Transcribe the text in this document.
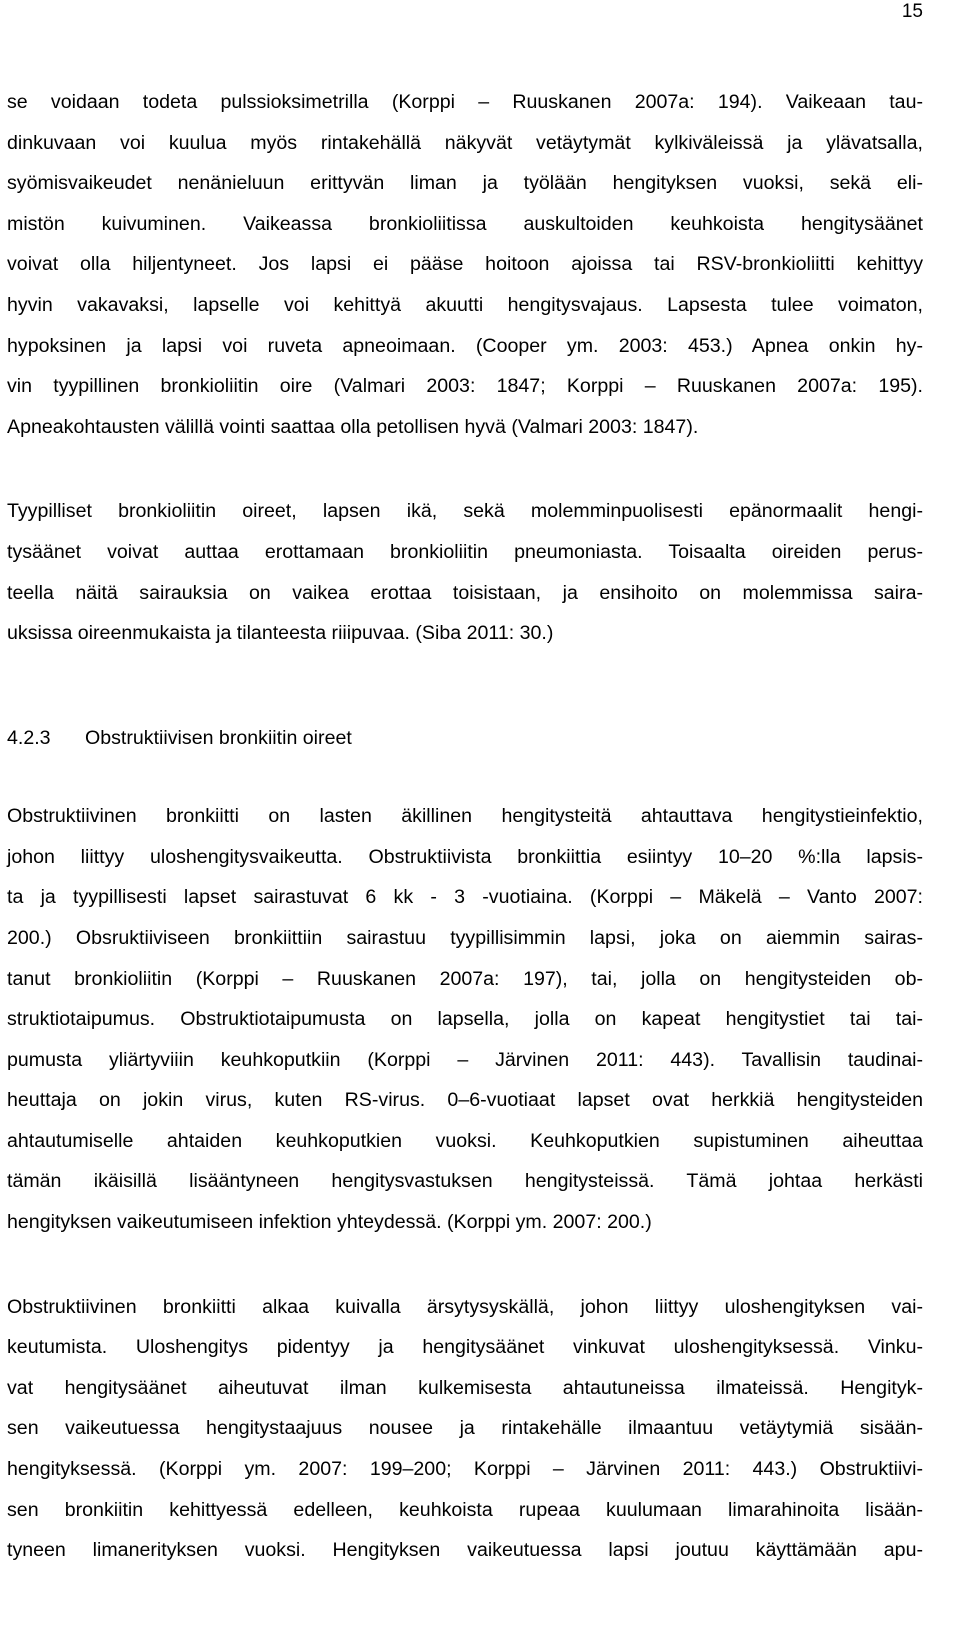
15
se voidaan todeta pulssioksimetrilla (Korppi – Ruuskanen 2007a: 194). Vaikeaan tau-
dinkuvaan voi kuulua myös rintakehällä näkyvät vetäytymät kylkiväleissä ja ylävatsalla,
syömisvaikeudet nenänieluun erittyvän liman ja työlään hengityksen vuoksi, sekä eli-
mistön kuivuminen. Vaikeassa bronkioliitissa auskultoiden keuhkoista hengitysäänet
voivat olla hiljentyneet. Jos lapsi ei pääse hoitoon ajoissa tai RSV-bronkioliitti kehittyy
hyvin vakavaksi, lapselle voi kehittyä akuutti hengitysvajaus. Lapsesta tulee voimaton,
hypoksinen ja lapsi voi ruveta apneoimaan. (Cooper ym. 2003: 453.) Apnea onkin hy-
vin tyypillinen bronkioliitin oire (Valmari 2003: 1847; Korppi – Ruuskanen 2007a: 195).
Apneakohtausten välillä vointi saattaa olla petollisen hyvä (Valmari 2003: 1847).
Tyypilliset bronkioliitin oireet, lapsen ikä, sekä molemminpuolisesti epänormaalit hengi-
tysäänet voivat auttaa erottamaan bronkioliitin pneumoniasta. Toisaalta oireiden perus-
teella näitä sairauksia on vaikea erottaa toisistaan, ja ensihoito on molemmissa saira-
uksissa oireenmukaista ja tilanteesta riiipuvaa. (Siba 2011: 30.)
4.2.3 Obstruktiivisen bronkiitin oireet
Obstruktiivinen bronkiitti on lasten äkillinen hengitysteitä ahtauttava hengitystieinfektio,
johon liittyy uloshengitysvaikeutta. Obstruktiivista bronkiittia esiintyy 10–20 %:lla lapsis-
ta ja tyypillisesti lapset sairastuvat 6 kk - 3 -vuotiaina. (Korppi – Mäkelä – Vanto 2007:
200.) Obsruktiiviseen bronkiittiin sairastuu tyypillisimmin lapsi, joka on aiemmin sairas-
tanut bronkioliitin (Korppi – Ruuskanen 2007a: 197), tai, jolla on hengitysteiden ob-
struktiotaipumus. Obstruktiotaipumusta on lapsella, jolla on kapeat hengitystiet tai tai-
pumusta yliärtyviiin keuhkoputkiin (Korppi – Järvinen 2011: 443). Tavallisin taudinai-
heuttaja on jokin virus, kuten RS-virus. 0–6-vuotiaat lapset ovat herkkiä hengitysteiden
ahtautumiselle ahtaiden keuhkoputkien vuoksi. Keuhkoputkien supistuminen aiheuttaa
tämän ikäisillä lisääntyneen hengitysvastuksen hengitysteissä. Tämä johtaa herkästi
hengityksen vaikeutumiseen infektion yhteydessä. (Korppi ym. 2007: 200.)
Obstruktiivinen bronkiitti alkaa kuivalla ärsytysyskällä, johon liittyy uloshengityksen vai-
keutumista. Uloshengitys pidentyy ja hengitysäänet vinkuvat uloshengityksessä. Vinku-
vat hengitysäänet aiheutuvat ilman kulkemisesta ahtautuneissa ilmateissä. Hengityk-
sen vaikeutuessa hengitystaajuus nousee ja rintakehälle ilmaantuu vetäytymiä sisään-
hengityksessä. (Korppi ym. 2007: 199–200; Korppi – Järvinen 2011: 443.) Obstruktiivi-
sen bronkiitin kehittyessä edelleen, keuhkoista rupeaa kuulumaan limarahinoita lisään-
tyneen limanerityksen vuoksi. Hengityksen vaikeutuessa lapsi joutuu käyttämään apu-
